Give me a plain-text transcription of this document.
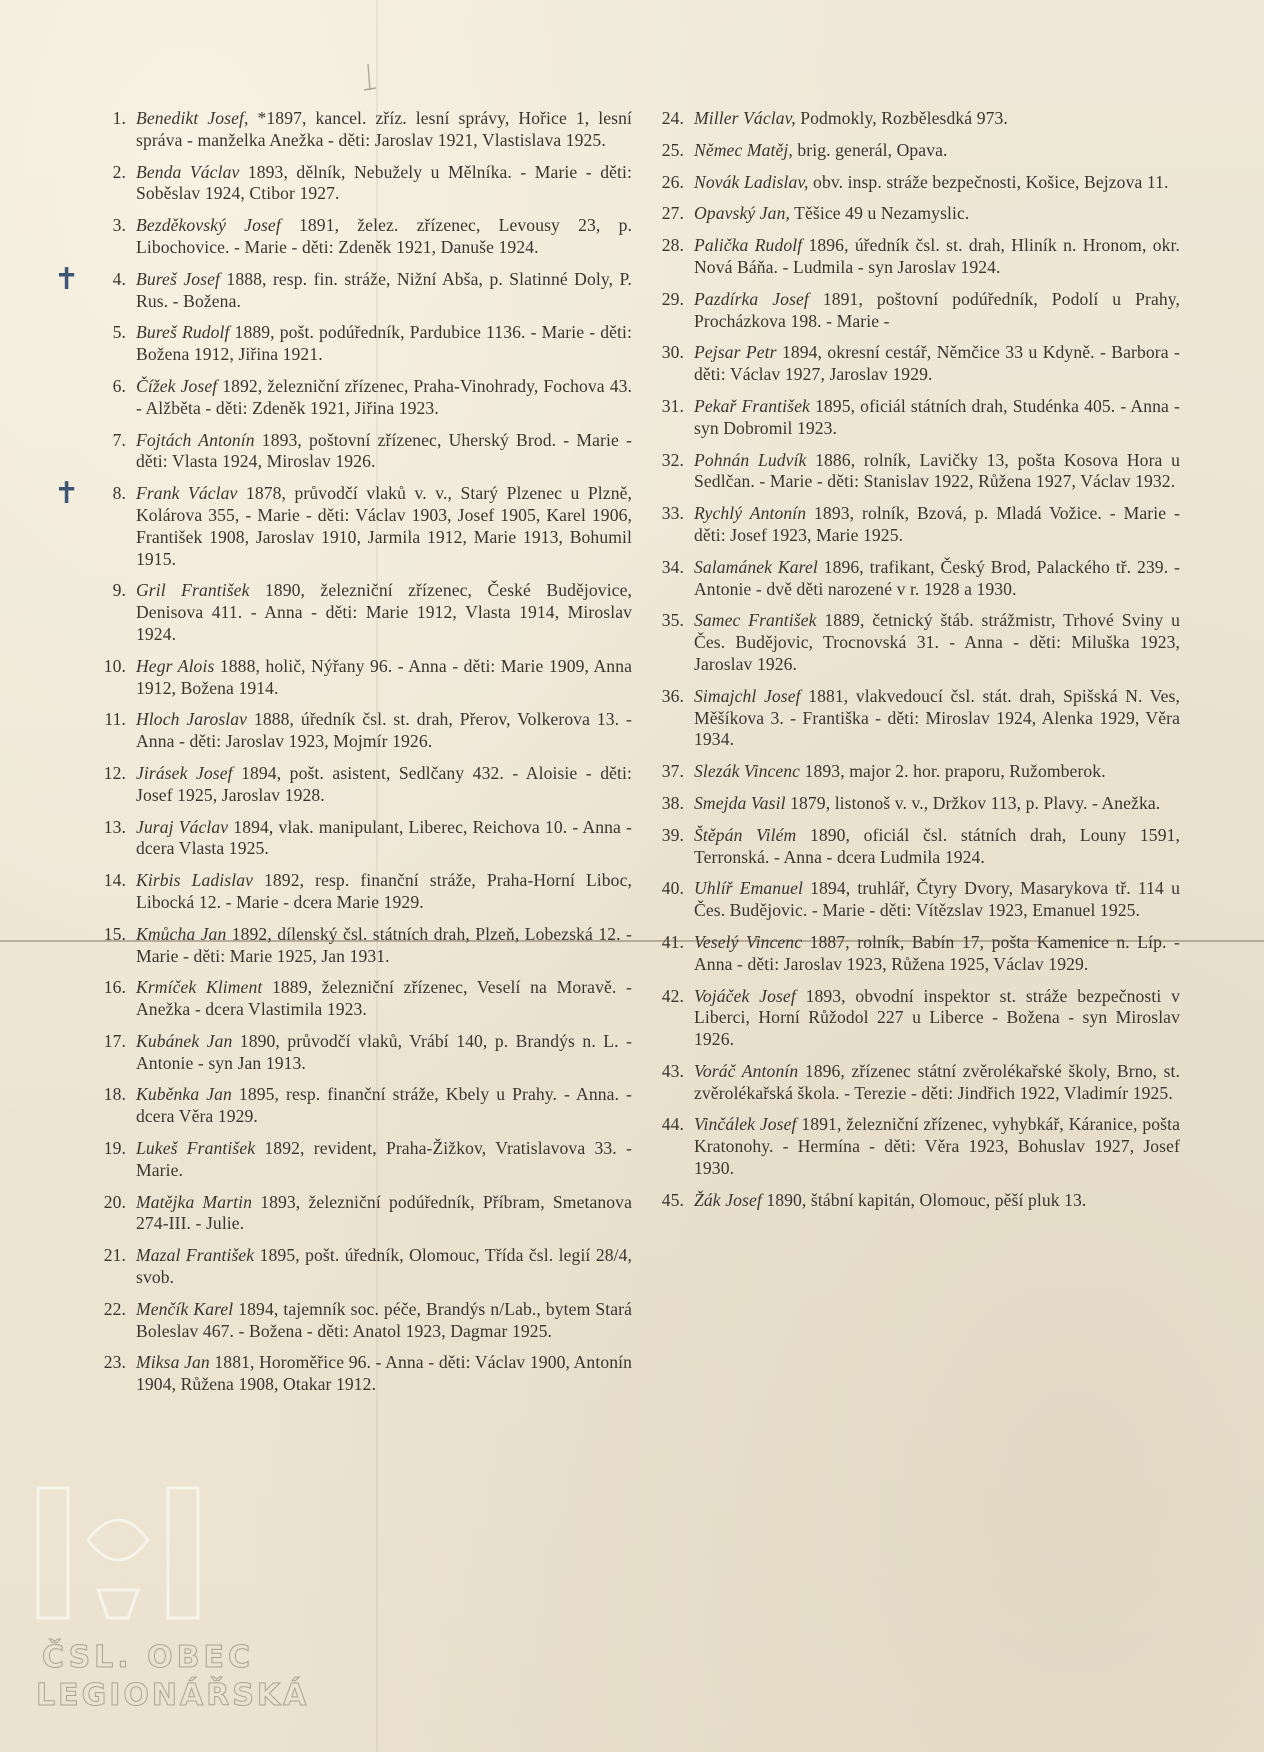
1. Benedikt Josef, *1897, kancel. zříz. lesní správy, Hořice 1, lesní správa - manželka Anežka - děti: Jaroslav 1921, Vlastislava 1925.
2. Benda Václav 1893, dělník, Nebužely u Mělníka. - Marie - děti: Soběslav 1924, Ctibor 1927.
3. Bezděkovský Josef 1891, želez. zřízenec, Levousy 23, p. Libochovice. - Marie - děti: Zdeněk 1921, Danuše 1924.
✝	4. Bureš Josef 1888, resp. fin. stráže, Nižní Abša, p. Slatinné Doly, P. Rus. - Božena.
5. Bureš Rudolf 1889, pošt. podúředník, Pardubice 1136. - Marie - děti: Božena 1912, Jiřina 1921.
6. Čížek Josef 1892, železniční zřízenec, Praha-Vinohrady, Fochova 43. - Alžběta - děti: Zdeněk 1921, Jiřina 1923.
7. Fojtách Antonín 1893, poštovní zřízenec, Uherský Brod. - Marie - děti: Vlasta 1924, Miroslav 1926.
✝	8. Frank Václav 1878, průvodčí vlaků v. v., Starý Plzenec u Plzně, Kolárova 355, - Marie - děti: Václav 1903, Josef 1905, Karel 1906, František 1908, Jaroslav 1910, Jarmila 1912, Marie 1913, Bohumil 1915.
9. Gril František 1890, železniční zřízenec, České Budějovice, Denisova 411. - Anna - děti: Marie 1912, Vlasta 1914, Miroslav 1924.
10. Hegr Alois 1888, holič, Nýřany 96. - Anna - děti: Marie 1909, Anna 1912, Božena 1914.
11. Hloch Jaroslav 1888, úředník čsl. st. drah, Přerov, Volkerova 13. - Anna - děti: Jaroslav 1923, Mojmír 1926.
12. Jirásek Josef 1894, pošt. asistent, Sedlčany 432. - Aloisie - děti: Josef 1925, Jaroslav 1928.
13. Juraj Václav 1894, vlak. manipulant, Liberec, Reichova 10. - Anna - dcera Vlasta 1925.
14. Kirbis Ladislav 1892, resp. finanční stráže, Praha-Horní Liboc, Libocká 12. - Marie - dcera Marie 1929.
15. Kmůcha Jan 1892, dílenský čsl. státních drah, Plzeň, Lobezská 12. - Marie - děti: Marie 1925, Jan 1931.
16. Krmíček Kliment 1889, železniční zřízenec, Veselí na Moravě. - Anežka - dcera Vlastimila 1923.
17. Kubánek Jan 1890, průvodčí vlaků, Vrábí 140, p. Brandýs n. L. - Antonie - syn Jan 1913.
18. Kuběnka Jan 1895, resp. finanční stráže, Kbely u Prahy. - Anna. - dcera Věra 1929.
19. Lukeš František 1892, revident, Praha-Žižkov, Vratislavova 33. - Marie.
20. Matějka Martin 1893, železniční podúředník, Příbram, Smetanova 274-III. - Julie.
21. Mazal František 1895, pošt. úředník, Olomouc, Třída čsl. legií 28/4, svob.
22. Menčík Karel 1894, tajemník soc. péče, Brandýs n/Lab., bytem Stará Boleslav 467. - Božena - děti: Anatol 1923, Dagmar 1925.
23. Miksa Jan 1881, Horoměřice 96. - Anna - děti: Václav 1900, Antonín 1904, Růžena 1908, Otakar 1912.
24. Miller Václav, Podmokly, Rozbělesdká 973.
25. Němec Matěj, brig. generál, Opava.
26. Novák Ladislav, obv. insp. stráže bezpečnosti, Košice, Bejzova 11.
27. Opavský Jan, Těšice 49 u Nezamyslic.
28. Palička Rudolf 1896, úředník čsl. st. drah, Hliník n. Hronom, okr. Nová Báňa. - Ludmila - syn Jaroslav 1924.
29. Pazdírka Josef 1891, poštovní podúředník, Podolí u Prahy, Procházkova 198. - Marie -
30. Pejsar Petr 1894, okresní cestář, Němčice 33 u Kdyně. - Barbora - děti: Václav 1927, Jaroslav 1929.
31. Pekař František 1895, oficiál státních drah, Studénka 405. - Anna - syn Dobromil 1923.
32. Pohnán Ludvík 1886, rolník, Lavičky 13, pošta Kosova Hora u Sedlčan. - Marie - děti: Stanislav 1922, Růžena 1927, Václav 1932.
33. Rychlý Antonín 1893, rolník, Bzová, p. Mladá Vožice. - Marie - děti: Josef 1923, Marie 1925.
34. Salamánek Karel 1896, trafikant, Český Brod, Palackého tř. 239. - Antonie - dvě děti narozené v r. 1928 a 1930.
35. Samec František 1889, četnický štáb. strážmistr, Trhové Sviny u Čes. Budějovic, Trocnovská 31. - Anna - děti: Miluška 1923, Jaroslav 1926.
36. Simajchl Josef 1881, vlakvedoucí čsl. stát. drah, Spišská N. Ves, Měšíkova 3. - Františka - děti: Miroslav 1924, Alenka 1929, Věra 1934.
37. Slezák Vincenc 1893, major 2. hor. praporu, Ružomberok.
38. Smejda Vasil 1879, listonoš v. v., Držkov 113, p. Plavy. - Anežka.
39. Štěpán Vilém 1890, oficiál čsl. státních drah, Louny 1591, Terronská. - Anna - dcera Ludmila 1924.
40. Uhlíř Emanuel 1894, truhlář, Čtyry Dvory, Masarykova tř. 114 u Čes. Budějovic. - Marie - děti: Vítězslav 1923, Emanuel 1925.
41. Veselý Vincenc 1887, rolník, Babín 17, pošta Kamenice n. Líp. - Anna - děti: Jaroslav 1923, Růžena 1925, Václav 1929.
42. Vojáček Josef 1893, obvodní inspektor st. stráže bezpečnosti v Liberci, Horní Růžodol 227 u Liberce - Božena - syn Miroslav 1926.
43. Voráč Antonín 1896, zřízenec státní zvěrolékařské školy, Brno, st. zvěrolékařská škola. - Terezie - děti: Jindřich 1922, Vladimír 1925.
44. Vinčálek Josef 1891, železniční zřízenec, vyhybkář, Káranice, pošta Kratonohy. - Hermína - děti: Věra 1923, Bohuslav 1927, Josef 1930.
45. Žák Josef 1890, štábní kapitán, Olomouc, pěší pluk 13.
ČSL. OBEC
LEGIONÁŘSKÁ
